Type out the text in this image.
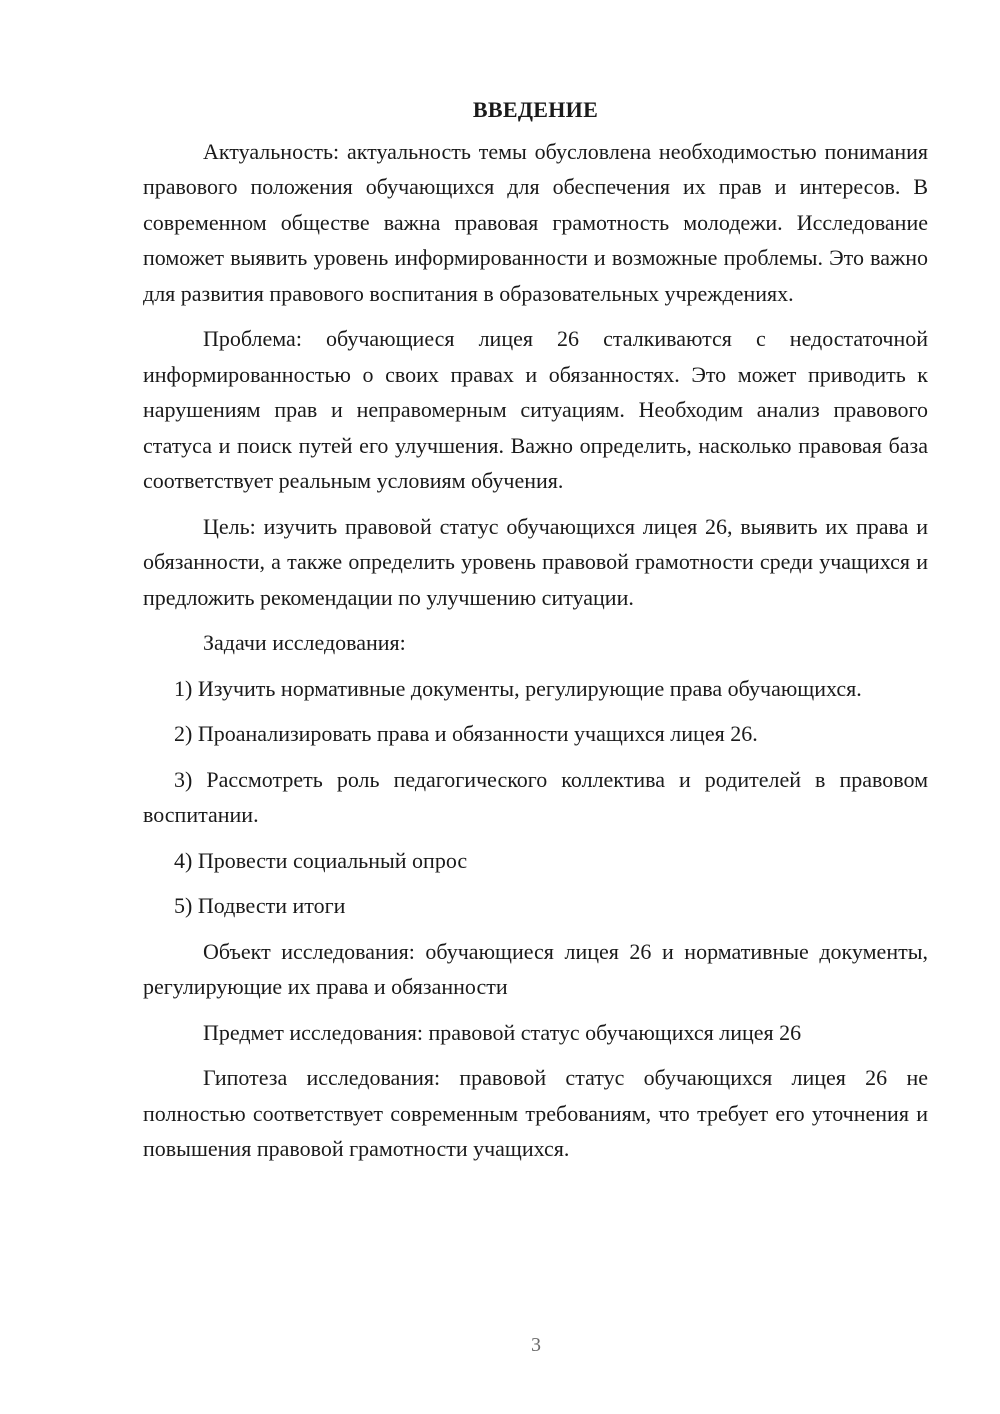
ВВЕДЕНИЕ

Актуальность: актуальность темы обусловлена необходимостью понимания правового положения обучающихся для обеспечения их прав и интересов. В современном обществе важна правовая грамотность молодежи. Исследование поможет выявить уровень информированности и возможные проблемы. Это важно для развития правового воспитания в образовательных учреждениях.

Проблема: обучающиеся лицея 26 сталкиваются с недостаточной информированностью о своих правах и обязанностях. Это может приводить к нарушениям прав и неправомерным ситуациям. Необходим анализ правового статуса и поиск путей его улучшения. Важно определить, насколько правовая база соответствует реальным условиям обучения.

Цель: изучить правовой статус обучающихся лицея 26, выявить их права и обязанности, а также определить уровень правовой грамотности среди учащихся и предложить рекомендации по улучшению ситуации.

Задачи исследования:

1) Изучить нормативные документы, регулирующие права обучающихся.

2) Проанализировать права и обязанности учащихся лицея 26.

3) Рассмотреть роль педагогического коллектива и родителей в правовом воспитании.

4) Провести социальный опрос

5) Подвести итоги

Объект исследования: обучающиеся лицея 26 и нормативные документы, регулирующие их права и обязанности

Предмет исследования: правовой статус обучающихся лицея 26

Гипотеза исследования: правовой статус обучающихся лицея 26 не полностью соответствует современным требованиям, что требует его уточнения и повышения правовой грамотности учащихся.

3
